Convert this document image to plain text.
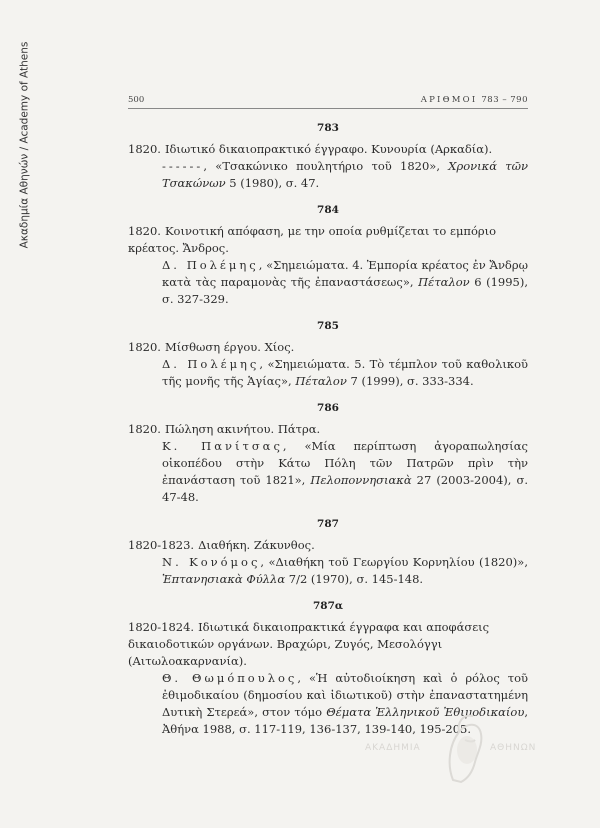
Ακαδημία Αθηνών / Academy of Athens	500	ΑΡΙΘΜΟΙ 783 – 790
783
1820. Ιδιωτικό δικαιοπρακτικό έγγραφο. Κυνουρία (Αρκαδία).
------, «Τσακώνικο πουλητήριο τοῦ 1820», Χρονικά τῶν Τσακώνων 5 (1980), σ. 47.
784
1820. Κοινοτική απόφαση, με την οποία ρυθμίζεται το εμπόριο κρέατος. Ἄνδρος.
Δ. Πολέμης, «Σημειώματα. 4. Ἐμπορία κρέατος ἐν Ἄνδρῳ κατὰ τὰς παραμονὰς τῆς ἐπαναστάσεως», Πέταλον 6 (1995), σ. 327-329.
785
1820. Μίσθωση έργου. Χίος.
Δ. Πολέμης, «Σημειώματα. 5. Τὸ τέμπλον τοῦ καθολικοῦ τῆς μονῆς τῆς Ἁγίας», Πέταλον 7 (1999), σ. 333-334.
786
1820. Πώληση ακινήτου. Πάτρα.
Κ. Πανίτσας, «Μία περίπτωση ἀγοραπωλησίας οἰκοπέδου στὴν Κάτω Πόλη τῶν Πατρῶν πρὶν τὴν ἐπανάσταση τοῦ 1821», Πελοποννησιακὰ 27 (2003-2004), σ. 47-48.
787
1820-1823. Διαθήκη. Ζάκυνθος.
Ν. Κονόμος, «Διαθήκη τοῦ Γεωργίου Κορνηλίου (1820)», Ἑπτανησιακὰ Φύλλα 7/2 (1970), σ. 145-148.
787α
1820-1824. Ιδιωτικά δικαιοπρακτικά έγγραφα και αποφάσεις δικαιοδοτικών οργάνων. Βραχώρι, Ζυγός, Μεσολόγγι (Αιτωλοακαρνανία).
Θ. Θωμόπουλος, «Ἡ αὐτοδιοίκηση καὶ ὁ ρόλος τοῦ ἐθιμοδικαίου (δημοσίου καὶ ἰδιωτικοῦ) στὴν ἐπαναστατημένη Δυτικὴ Στερεά», στον τόμο Θέματα Ἑλληνικοῦ Ἐθιμοδικαίου, Ἀθήνα 1988, σ. 117-119, 136-137, 139-140, 195-205.
ΑΚΑΔΗΜΙΑ	ΑΘΗΝΩΝ
